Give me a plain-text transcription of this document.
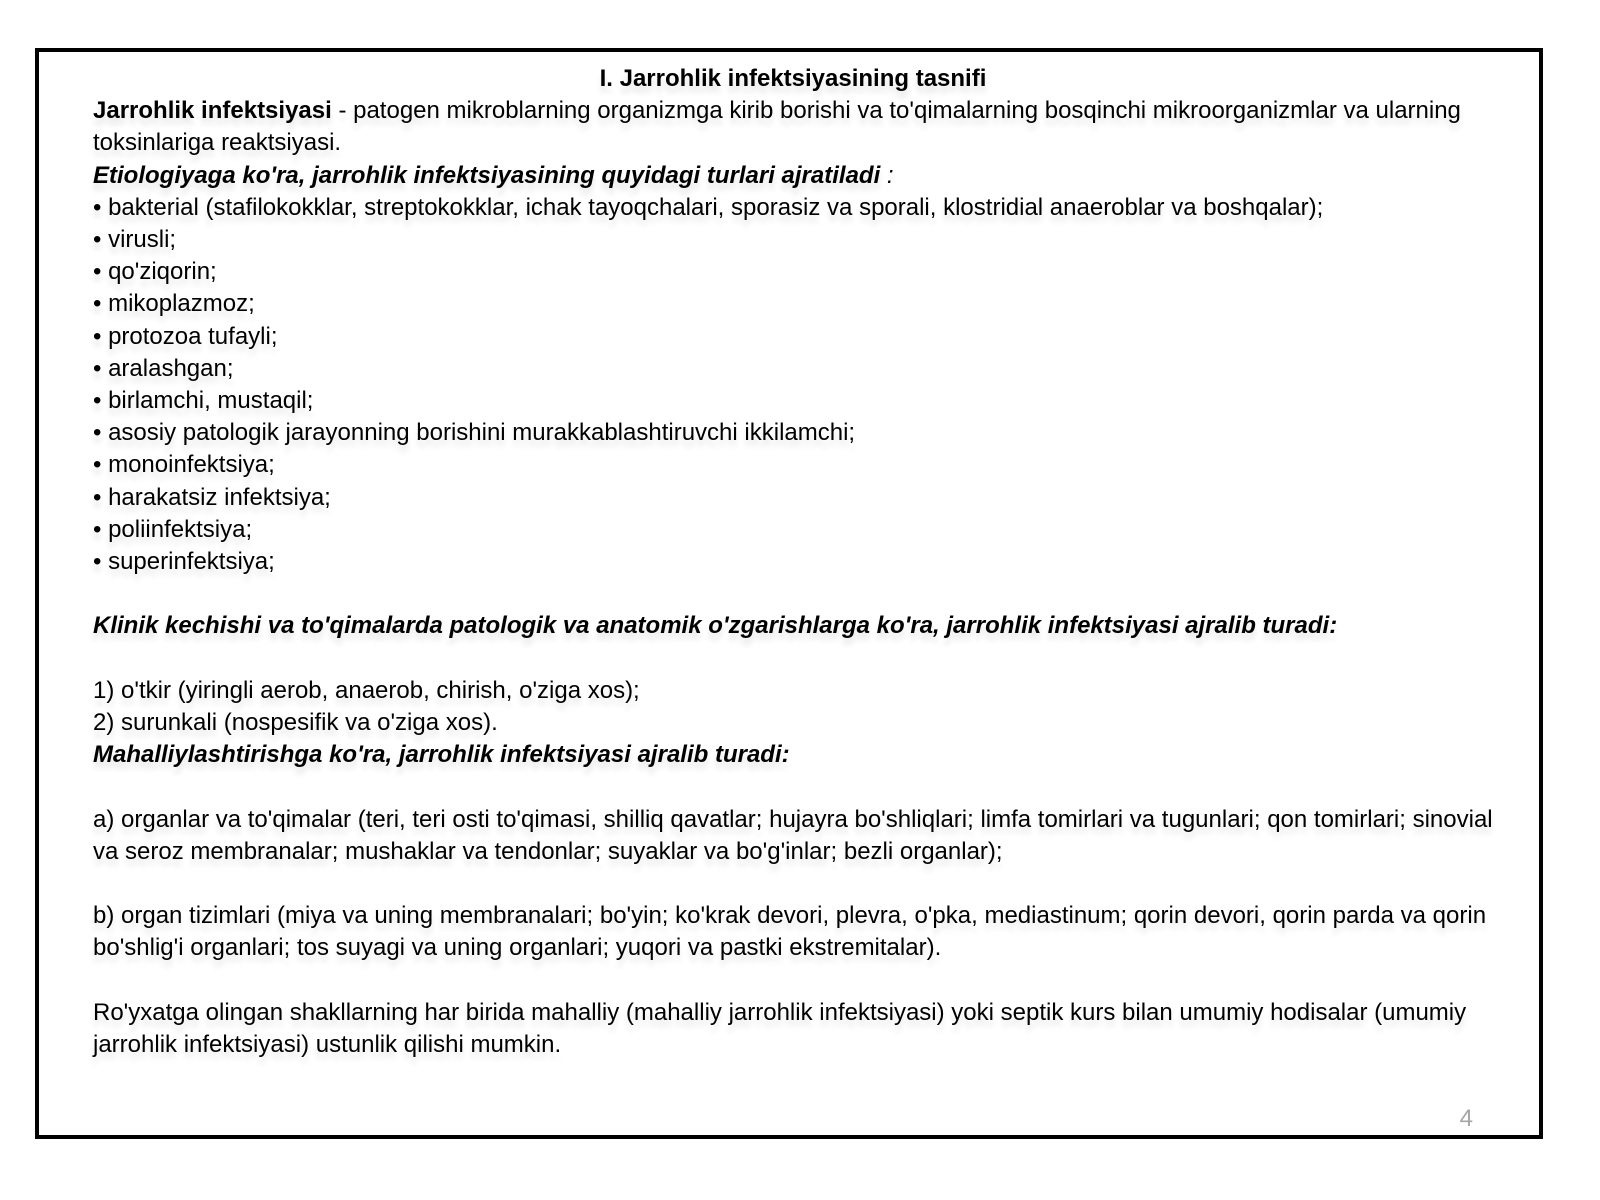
I. Jarrohlik infektsiyasining tasnifi

Jarrohlik infektsiyasi - patogen mikroblarning organizmga kirib borishi va to'qimalarning bosqinchi mikroorganizmlar va ularning toksinlariga reaktsiyasi.

Etiologiyaga ko'ra, jarrohlik infektsiyasining quyidagi turlari ajratiladi :

• bakterial (stafilokokklar, streptokokklar, ichak tayoqchalari, sporasiz va sporali, klostridial anaeroblar va boshqalar);

• virusli;

• qo'ziqorin;

• mikoplazmoz;

• protozoa tufayli;

• aralashgan;

• birlamchi, mustaqil;

• asosiy patologik jarayonning borishini murakkablashtiruvchi ikkilamchi;

• monoinfektsiya;

• harakatsiz infektsiya;

• poliinfektsiya;

• superinfektsiya;

Klinik kechishi va to'qimalarda patologik va anatomik o'zgarishlarga ko'ra, jarrohlik infektsiyasi ajralib turadi:

1) o'tkir (yiringli aerob, anaerob, chirish, o'ziga xos);

2) surunkali (nospesifik va o'ziga xos).

Mahalliylashtirishga ko'ra, jarrohlik infektsiyasi ajralib turadi:

a) organlar va to'qimalar (teri, teri osti to'qimasi, shilliq qavatlar; hujayra bo'shliqlari; limfa tomirlari va tugunlari; qon tomirlari; sinovial va seroz membranalar; mushaklar va tendonlar; suyaklar va bo'g'inlar; bezli organlar);

b) organ tizimlari (miya va uning membranalari; bo'yin; ko'krak devori, plevra, o'pka, mediastinum; qorin devori, qorin parda va qorin bo'shlig'i organlari; tos suyagi va uning organlari; yuqori va pastki ekstremitalar).

Ro'yxatga olingan shakllarning har birida mahalliy (mahalliy jarrohlik infektsiyasi) yoki septik kurs bilan umumiy hodisalar (umumiy jarrohlik infektsiyasi) ustunlik qilishi mumkin.

4
